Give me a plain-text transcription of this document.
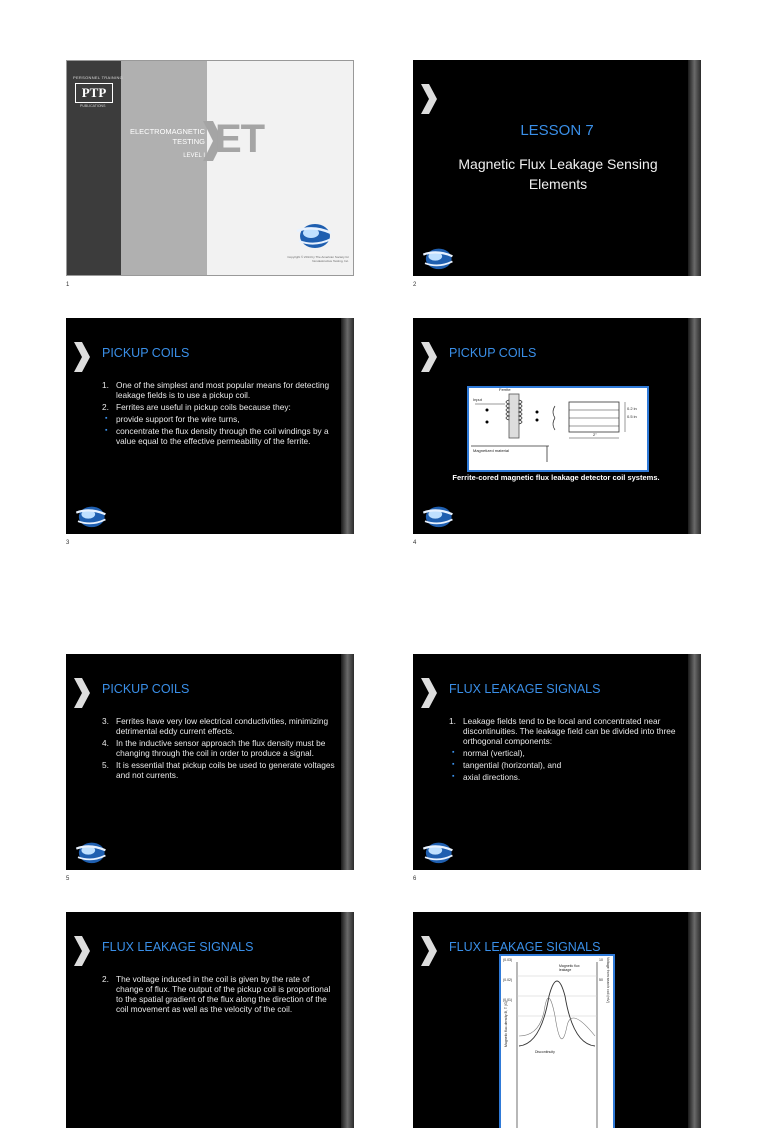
PERSONNEL TRAINING
PTP
PUBLICATIONS
ELECTROMAGNETIC
TESTING
LEVEL I ET
Copyright © 2014 by The American Society for Nondestructive Testing, Inc.
1
LESSON 7
Magnetic Flux Leakage Sensing Elements
2
PICKUP COILS
1. One of the simplest and most popular means for detecting leakage fields is to use a pickup coil.
2. Ferrites are useful in pickup coils because they:
▪ provide support for the wire turns,
▪ concentrate the flux density through the coil windings by a value equal to the effective permeability of the ferrite.
3
PICKUP COILS
Ferrite
Input
Magnetized material
0.2 in
0.5 in
2"
Ferrite-cored magnetic flux leakage detector coil systems.
4
PICKUP COILS
3. Ferrites have very low electrical conductivities, minimizing detrimental eddy current effects.
4. In the inductive sensor approach the flux density must be changing through the coil in order to produce a signal.
5. It is essential that pickup coils be used to generate voltages and not currents.
5
FLUX LEAKAGE SIGNALS
1. Leakage fields tend to be local and concentrated near discontinuities. The leakage field can be divided into three orthogonal components:
▪ normal (vertical),
▪ tangential (horizontal), and
▪ axial directions.
6
FLUX LEAKAGE SIGNALS
2. The voltage induced in the coil is given by the rate of change of flux. The output of the pickup coil is proportional to the spatial gradient of the flux along the direction of the coil movement as well as the velocity of the coil.
FLUX LEAKAGE SIGNALS
Magnetic flux leakage
(0.03)
(0.02)
(0.01)
10
50
Magnetic flux density B, T (G)
Voltage from search coil (mV)
Discontinuity
